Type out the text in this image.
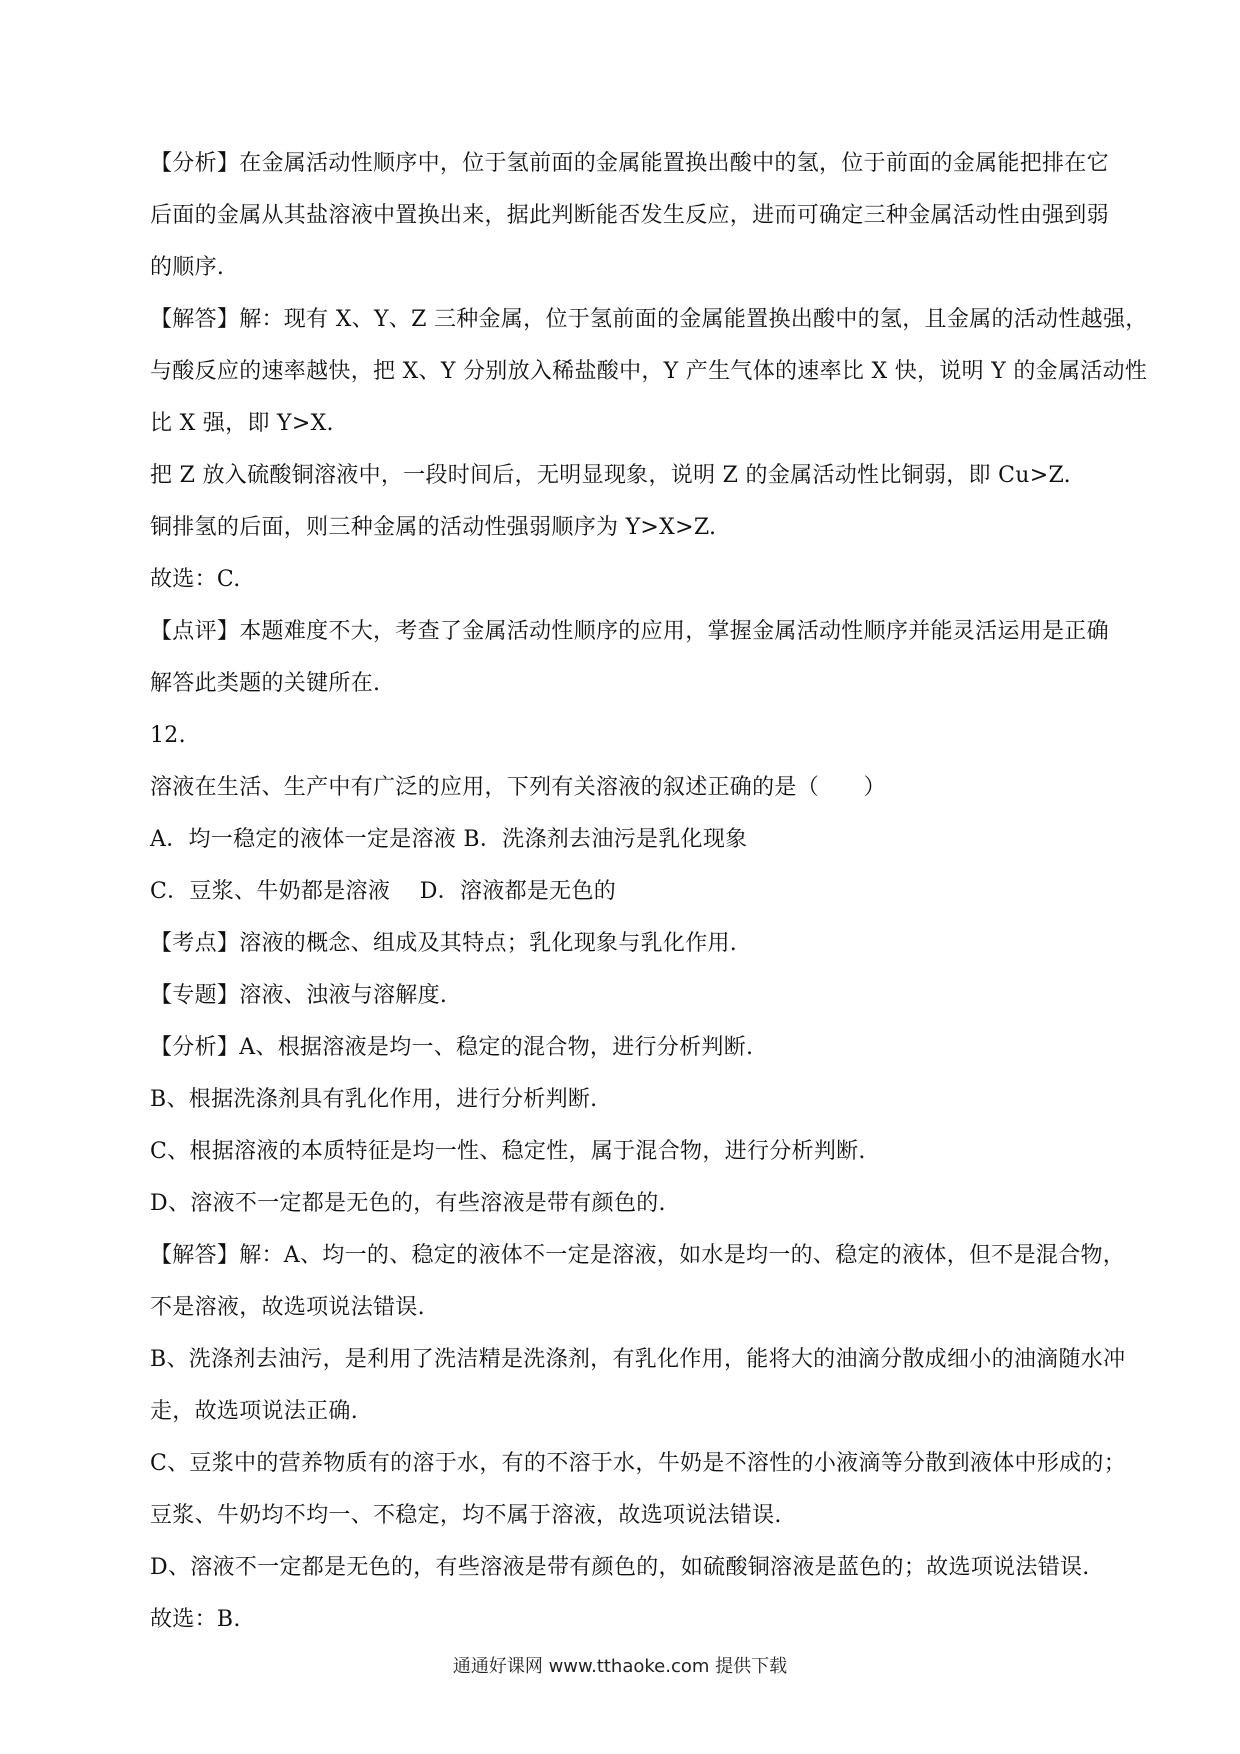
【分析】在金属活动性顺序中，位于氢前面的金属能置换出酸中的氢，位于前面的金属能把排在它
后面的金属从其盐溶液中置换出来，据此判断能否发生反应，进而可确定三种金属活动性由强到弱
的顺序.
【解答】解：现有 X、Y、Z 三种金属，位于氢前面的金属能置换出酸中的氢，且金属的活动性越强，
与酸反应的速率越快，把 X、Y 分别放入稀盐酸中，Y 产生气体的速率比 X 快，说明 Y 的金属活动性
比 X 强，即 Y>X.
把 Z 放入硫酸铜溶液中，一段时间后，无明显现象，说明 Z 的金属活动性比铜弱，即 Cu>Z.
铜排氢的后面，则三种金属的活动性强弱顺序为 Y>X>Z.
故选：C.
【点评】本题难度不大，考查了金属活动性顺序的应用，掌握金属活动性顺序并能灵活运用是正确
解答此类题的关键所在.
12.
溶液在生活、生产中有广泛的应用，下列有关溶液的叙述正确的是（　　）
A．均一稳定的液体一定是溶液 B．洗涤剂去油污是乳化现象
C．豆浆、牛奶都是溶液　 D．溶液都是无色的
【考点】溶液的概念、组成及其特点；乳化现象与乳化作用.
【专题】溶液、浊液与溶解度.
【分析】A、根据溶液是均一、稳定的混合物，进行分析判断.
B、根据洗涤剂具有乳化作用，进行分析判断.
C、根据溶液的本质特征是均一性、稳定性，属于混合物，进行分析判断.
D、溶液不一定都是无色的，有些溶液是带有颜色的.
【解答】解：A、均一的、稳定的液体不一定是溶液，如水是均一的、稳定的液体，但不是混合物，
不是溶液，故选项说法错误.
B、洗涤剂去油污，是利用了洗洁精是洗涤剂，有乳化作用，能将大的油滴分散成细小的油滴随水冲
走，故选项说法正确.
C、豆浆中的营养物质有的溶于水，有的不溶于水，牛奶是不溶性的小液滴等分散到液体中形成的；
豆浆、牛奶均不均一、不稳定，均不属于溶液，故选项说法错误.
D、溶液不一定都是无色的，有些溶液是带有颜色的，如硫酸铜溶液是蓝色的；故选项说法错误.
故选：B.
通通好课网 www.tthaoke.com 提供下载
